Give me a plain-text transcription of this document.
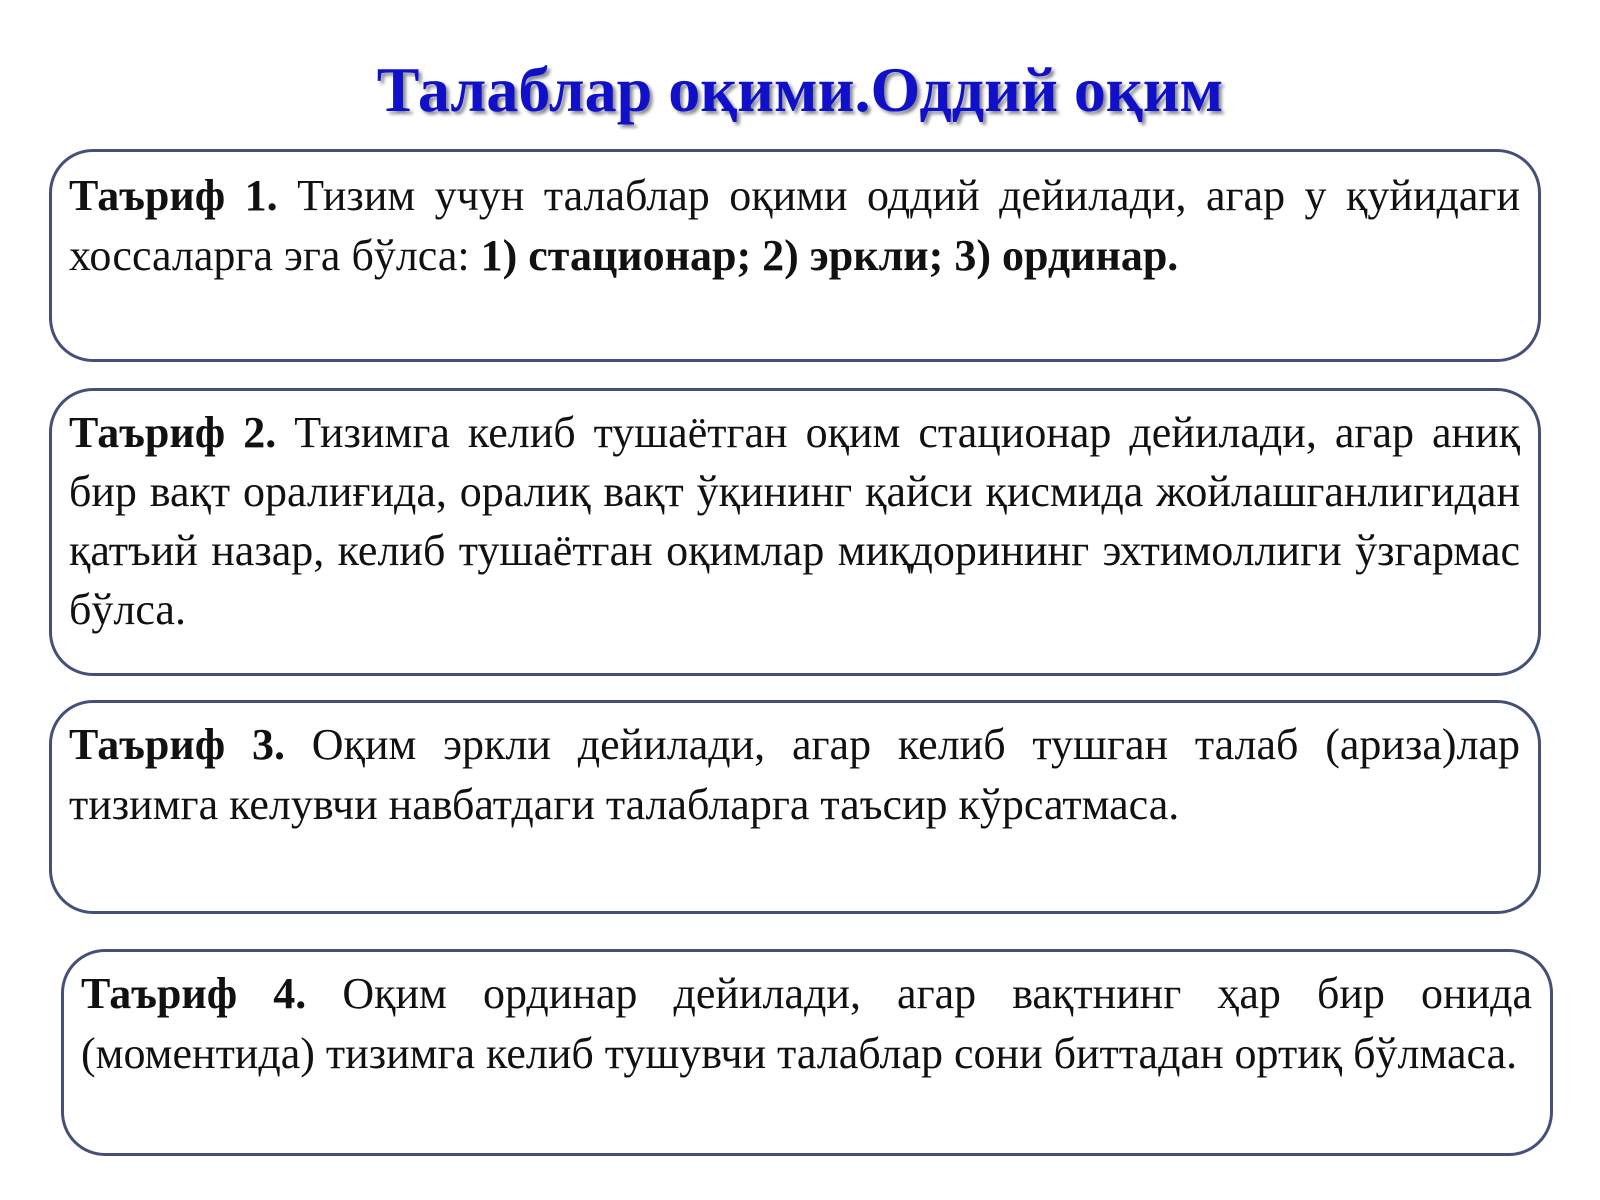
Талаблар оқими.Оддий оқим

Таъриф 1. Тизим учун талаблар оқими оддий дейилади, агар у қуйидаги хоссаларга эга бўлса: 1) стационар; 2) эркли; 3) ординар.

Таъриф 2. Тизимга келиб тушаётган оқим стационар дейилади, агар аниқ бир вақт оралиғида, оралиқ вақт ўқининг қайси қисмида жойлашганлигидан қатъий назар, келиб тушаётган оқимлар миқдорининг эхтимоллиги ўзгармас бўлса.

Таъриф 3. Оқим эркли дейилади, агар келиб тушган талаб (ариза)лар тизимга келувчи навбатдаги талабларга таъсир кўрсатмаса.

Таъриф 4. Оқим ординар дейилади, агар вақтнинг ҳар бир онида (моментида) тизимга келиб тушувчи талаблар сони биттадан ортиқ бўлмаса.
